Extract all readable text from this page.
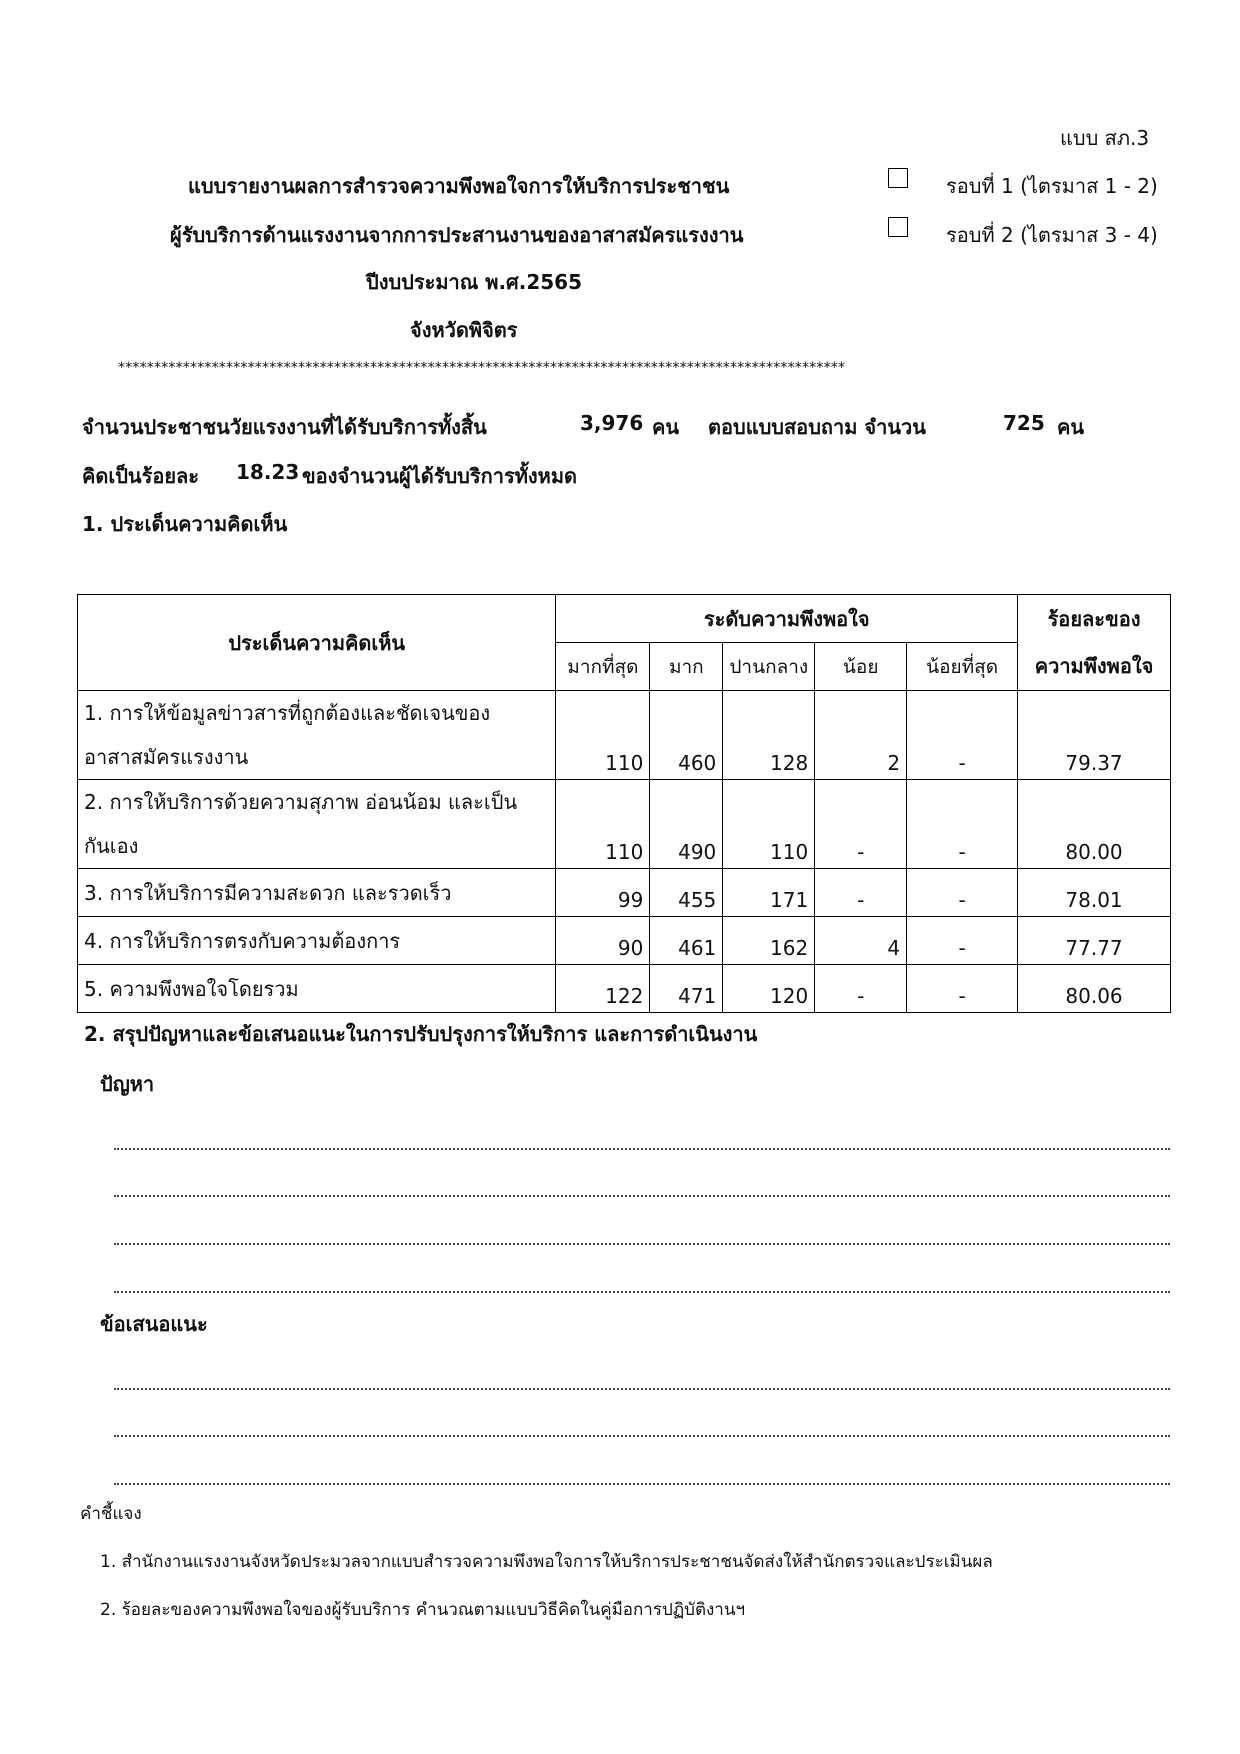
แบบ สภ.3
แบบรายงานผลการสำรวจความพึงพอใจการให้บริการประชาชน
ผู้รับบริการด้านแรงงานจากการประสานงานของอาสาสมัครแรงงาน
ปีงบประมาณ พ.ศ.2565
จังหวัดพิจิตร
รอบที่ 1 (ไตรมาส 1 - 2)
รอบที่ 2 (ไตรมาส 3 - 4)
*****************************************************************************************************
จำนวนประชาชนวัยแรงงานที่ได้รับบริการทั้งสิ้น	3,976 คน ตอบแบบสอบถาม จำนวน	725 คน
คิดเป็นร้อยละ 18.23 ของจำนวนผู้ได้รับบริการทั้งหมด
1. ประเด็นความคิดเห็น
ประเด็นความคิดเห็น	ระดับความพึงพอใจ					ร้อยละของ
	มากที่สุด	มาก	ปานกลาง	น้อย	น้อยที่สุด	ความพึงพอใจ

1. การให้ข้อมูลข่าวสารที่ถูกต้องและชัดเจนของ
อาสาสมัครแรงงาน	110	460	128	2	-	79.37

2. การให้บริการด้วยความสุภาพ อ่อนน้อม และเป็น
กันเอง	110	490	110	-	-	80.00
3. การให้บริการมีความสะดวก และรวดเร็ว	99	455	171	-	-	78.01
4. การให้บริการตรงกับความต้องการ	90	461	162	4	-	77.77
5. ความพึงพอใจโดยรวม	122	471	120	-	-	80.06
2. สรุปปัญหาและข้อเสนอแนะในการปรับปรุงการให้บริการ และการดำเนินงาน
ปัญหา
ข้อเสนอแนะ
คำชี้แจง
1. สำนักงานแรงงานจังหวัดประมวลจากแบบสำรวจความพึงพอใจการให้บริการประชาชนจัดส่งให้สำนักตรวจและประเมินผล
2. ร้อยละของความพึงพอใจของผู้รับบริการ คำนวณตามแบบวิธีคิดในคู่มือการปฏิบัติงานฯ
